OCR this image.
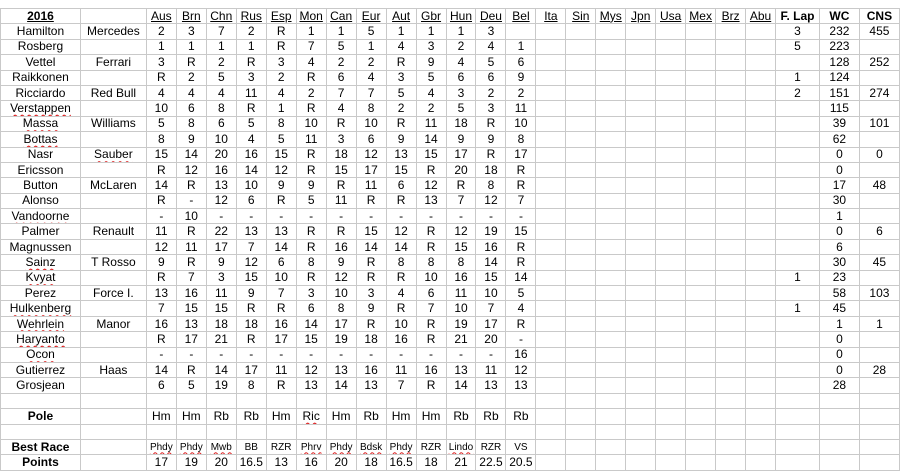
2016		Aus	Brn	Chn	Rus	Esp	Mon	Can	Eur	Aut	Gbr	Hun	Deu	Bel	Ita	Sin	Mys	Jpn	Usa	Mex	Brz	Abu	F. Lap	WC	CNS
Hamilton	Mercedes	2	3	7	2	R	1	1	5	1	1	1	3										3	232	455
Rosberg		1	1	1	1	R	7	5	1	4	3	2	4	1									5	223	
Vettel	Ferrari	3	R	2	R	3	4	2	2	R	9	4	5	6										128	252
Raikkonen		R	2	5	3	2	R	6	4	3	5	6	6	9									1	124	
Ricciardo	Red Bull	4	4	4	11	4	2	7	7	5	4	3	2	2									2	151	274
Verstappen		10	6	8	R	1	R	4	8	2	2	5	3	11										115	
Massa	Williams	5	8	6	5	8	10	R	10	R	11	18	R	10										39	101
Bottas		8	9	10	4	5	11	3	6	9	14	9	9	8										62	
Nasr	Sauber	15	14	20	16	15	R	18	12	13	15	17	R	17										0	0
Ericsson		R	12	16	14	12	R	15	17	15	R	20	18	R										0	
Button	McLaren	14	R	13	10	9	9	R	11	6	12	R	8	R										17	48
Alonso		R	-	12	6	R	5	11	R	R	13	7	12	7										30	
Vandoorne		-	10	-	-	-	-	-	-	-	-	-	-	-										1	
Palmer	Renault	11	R	22	13	13	R	R	15	12	R	12	19	15										0	6
Magnussen		12	11	17	7	14	R	16	14	14	R	15	16	R										6	
Sainz	T Rosso	9	R	9	12	6	8	9	R	8	8	8	14	R										30	45
Kvyat		R	7	3	15	10	R	12	R	R	10	16	15	14									1	23	
Perez	Force I.	13	16	11	9	7	3	10	3	4	6	11	10	5										58	103
Hulkenberg		7	15	15	R	R	6	8	9	R	7	10	7	4									1	45	
Wehrlein	Manor	16	13	18	18	16	14	17	R	10	R	19	17	R										1	1
Haryanto		R	17	21	R	17	15	19	18	16	R	21	20	-										0	
Ocon		-	-	-	-	-	-	-	-	-	-	-	-	16										0	
Gutierrez	Haas	14	R	14	17	11	12	13	16	11	16	13	11	12										0	28
Grosjean		6	5	19	8	R	13	14	13	7	R	14	13	13										28	

Pole		Hm	Hm	Rb	Rb	Hm	Ric	Hm	Rb	Hm	Hm	Rb	Rb	Rb											

Best Race		Phdy	Phdy	Mwb	BB	RZR	Phrv	Phdy	Bdsk	Phdy	RZR	Lindo	RZR	VS											
Points		17	19	20	16.5	13	16	20	18	16.5	18	21	22.5	20.5											
